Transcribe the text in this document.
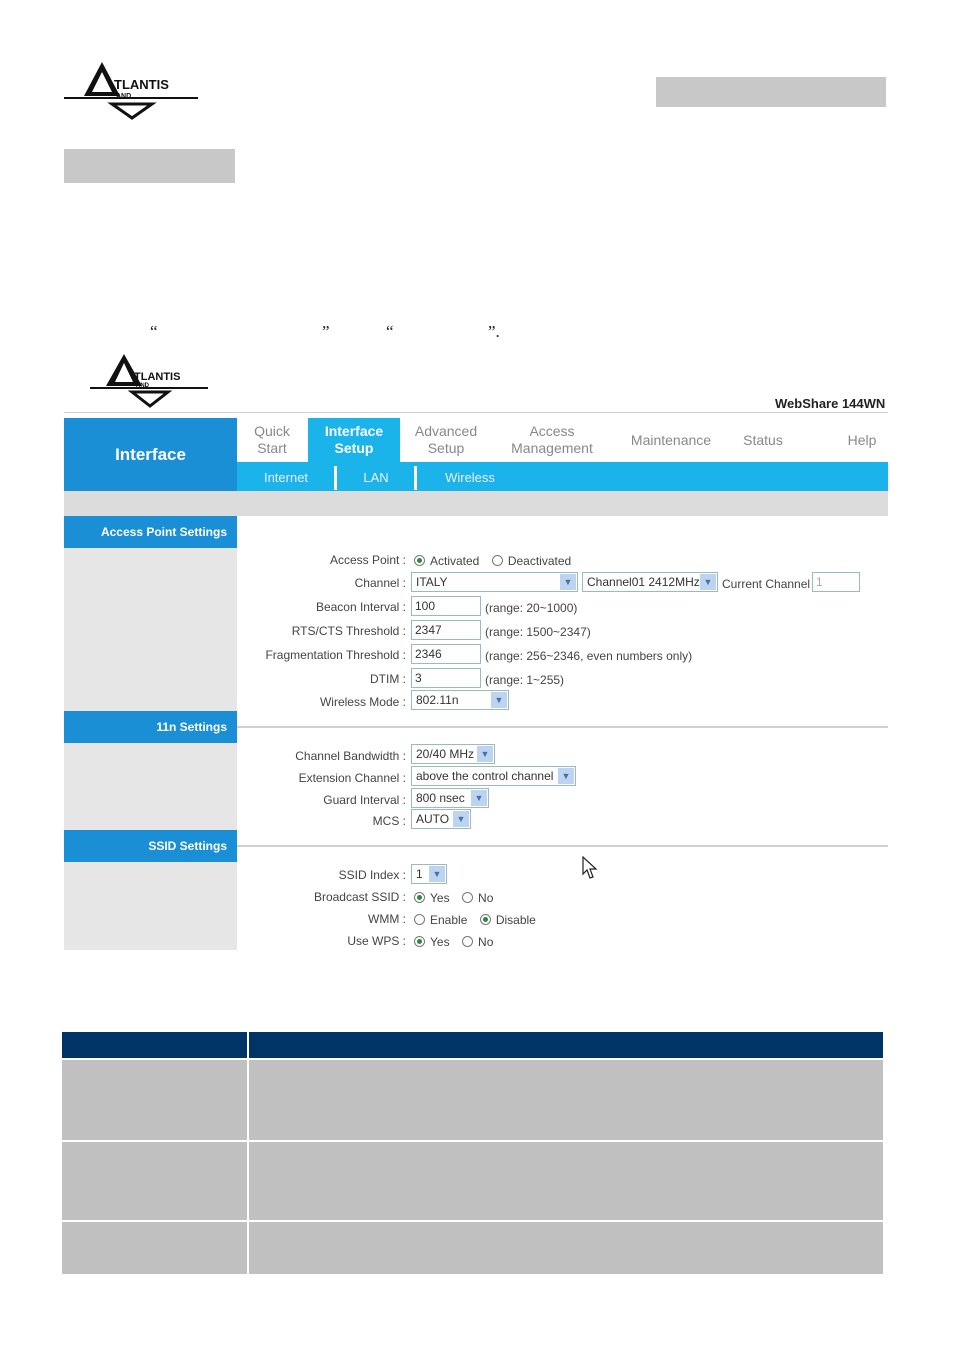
TLANTIS
AND
“	”	“	”.
TLANTIS
AND
WebShare 144WN
Interface
Quick
Start
Interface
Setup
Advanced
Setup
Access
Management
Maintenance	Status	Help
Internet	LAN	Wireless
Access Point Settings
11n Settings
SSID Settings
Access Point :	Activated Deactivated
Channel : ITALY	▼	Channel01 2412MHz ▼ Current Channel 1
Beacon Interval : 100	(range: 20~1000)
RTS/CTS Threshold : 2347	(range: 1500~2347)
Fragmentation Threshold : 2346	(range: 256~2346, even numbers only)
DTIM : 3	(range: 1~255)
Wireless Mode : 802.11n	▼
Channel Bandwidth : 20/40 MHz ▼
Extension Channel : above the control channel ▼
Guard Interval : 800 nsec	▼
MCS : AUTO ▼
SSID Index : 1	▼
Broadcast SSID :	Yes No
WMM :	Enable Disable
Use WPS :	Yes No
